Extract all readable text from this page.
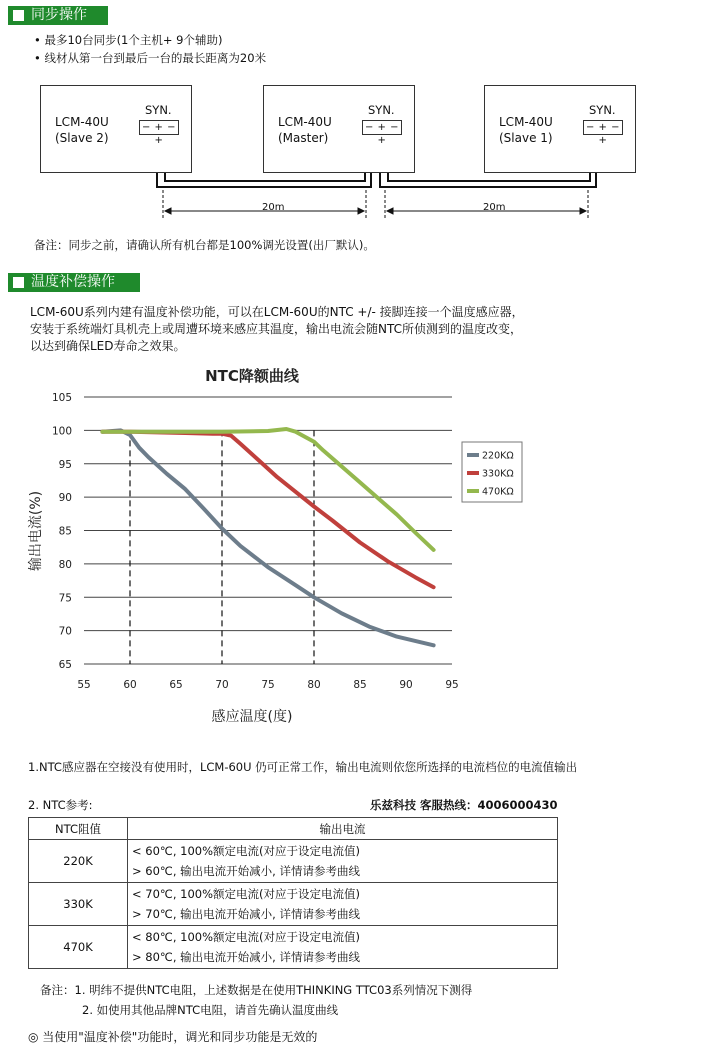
同步操作
• 最多10台同步(1个主机+ 9个辅助)
• 线材从第一台到最后一台的最长距离为20米
20m	20m
LCM-40U
(Slave 2)
SYN.
− + − +
LCM-40U
(Master)
SYN.
− + − +
LCM-40U
(Slave 1)
SYN.
− + − +
备注：同步之前，请确认所有机台都是100%调光设置(出厂默认)。
温度补偿操作
LCM-60U系列内建有温度补偿功能，可以在LCM-60U的NTC +/- 接脚连接一个温度感应器，
安装于系统端灯具机壳上或周遭环境来感应其温度，输出电流会随NTC所侦测到的温度改变，
以达到确保LED寿命之效果。
NTC降额曲线
65
70
75
80
85
90
95
100
105
55	60	65	70	75	80	85	90	95
220KΩ
330KΩ
470KΩ
感应温度(度)
输出电流(%)
1.NTC感应器在空接没有使用时，LCM-60U 仍可正常工作，输出电流则依您所选择的电流档位的电流值输出
2. NTC参考:	乐兹科技 客服热线：4006000430
NTC阻值	输出电流
220K	< 60℃, 100%额定电流(对应于设定电流值)
> 60℃, 输出电流开始减小, 详情请参考曲线

330K	< 70℃, 100%额定电流(对应于设定电流值)
> 70℃, 输出电流开始减小, 详情请参考曲线

470K	< 80℃, 100%额定电流(对应于设定电流值)
> 80℃, 输出电流开始减小, 详情请参考曲线
备注：1. 明纬不提供NTC电阻，上述数据是在使用THINKING TTC03系列情况下测得
2. 如使用其他品牌NTC电阻，请首先确认温度曲线
◎ 当使用"温度补偿"功能时，调光和同步功能是无效的
